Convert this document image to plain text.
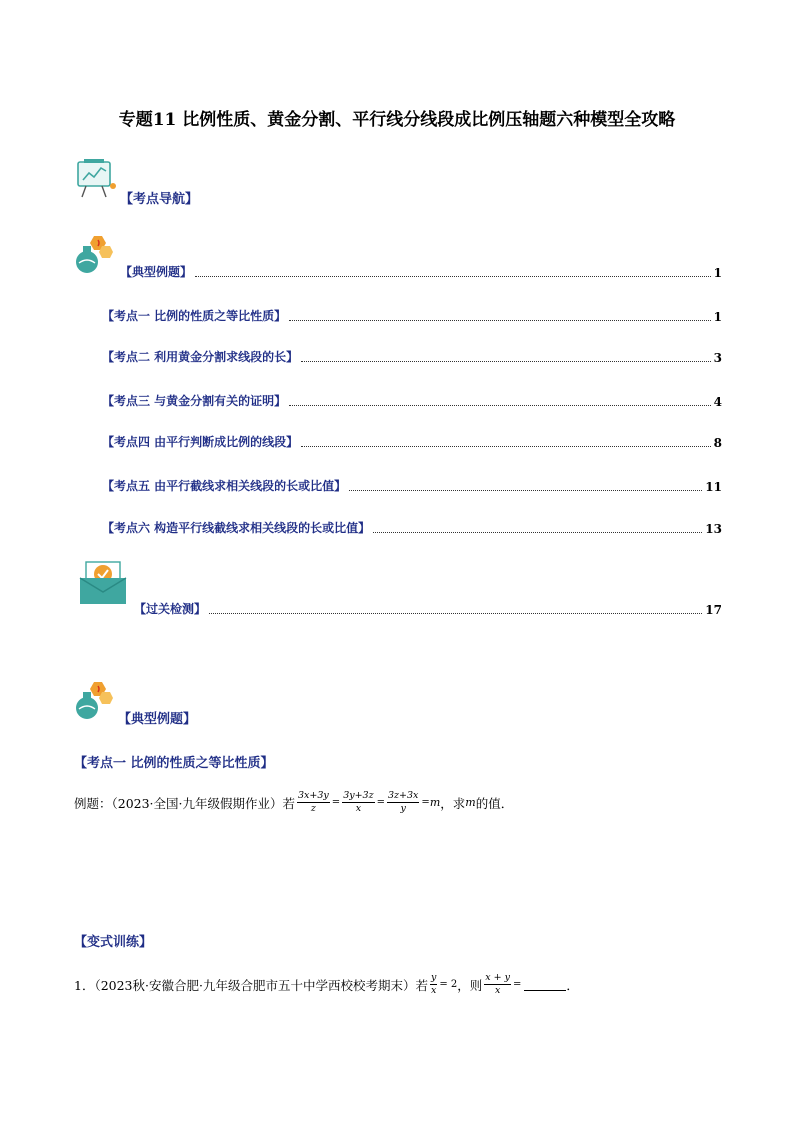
专题11 比例性质、黄金分割、平行线分线段成比例压轴题六种模型全攻略
【考点导航】
【典型例题】	1
【考点一 比例的性质之等比性质】	1
【考点二 利用黄金分割求线段的长】	3
【考点三 与黄金分割有关的证明】	4
【考点四 由平行判断成比例的线段】	8
【考点五 由平行截线求相关线段的长或比值】	11
【考点六 构造平行线截线求相关线段的长或比值】	13
【过关检测】	17
【典型例题】
【考点一 比例的性质之等比性质】
例题：（2023·全国·九年级假期作业）若 $\frac{3x+3y}{z} = \frac{3y+3z}{x} = \frac{3z+3x}{y} = m$ ，求 m 的值．
【变式训练】
1．（2023秋·安徽合肥·九年级合肥市五十中学西校校考期末）若 $\frac{y}{x} = 2$ ，则 $\frac{x + y}{x}$ =	．
